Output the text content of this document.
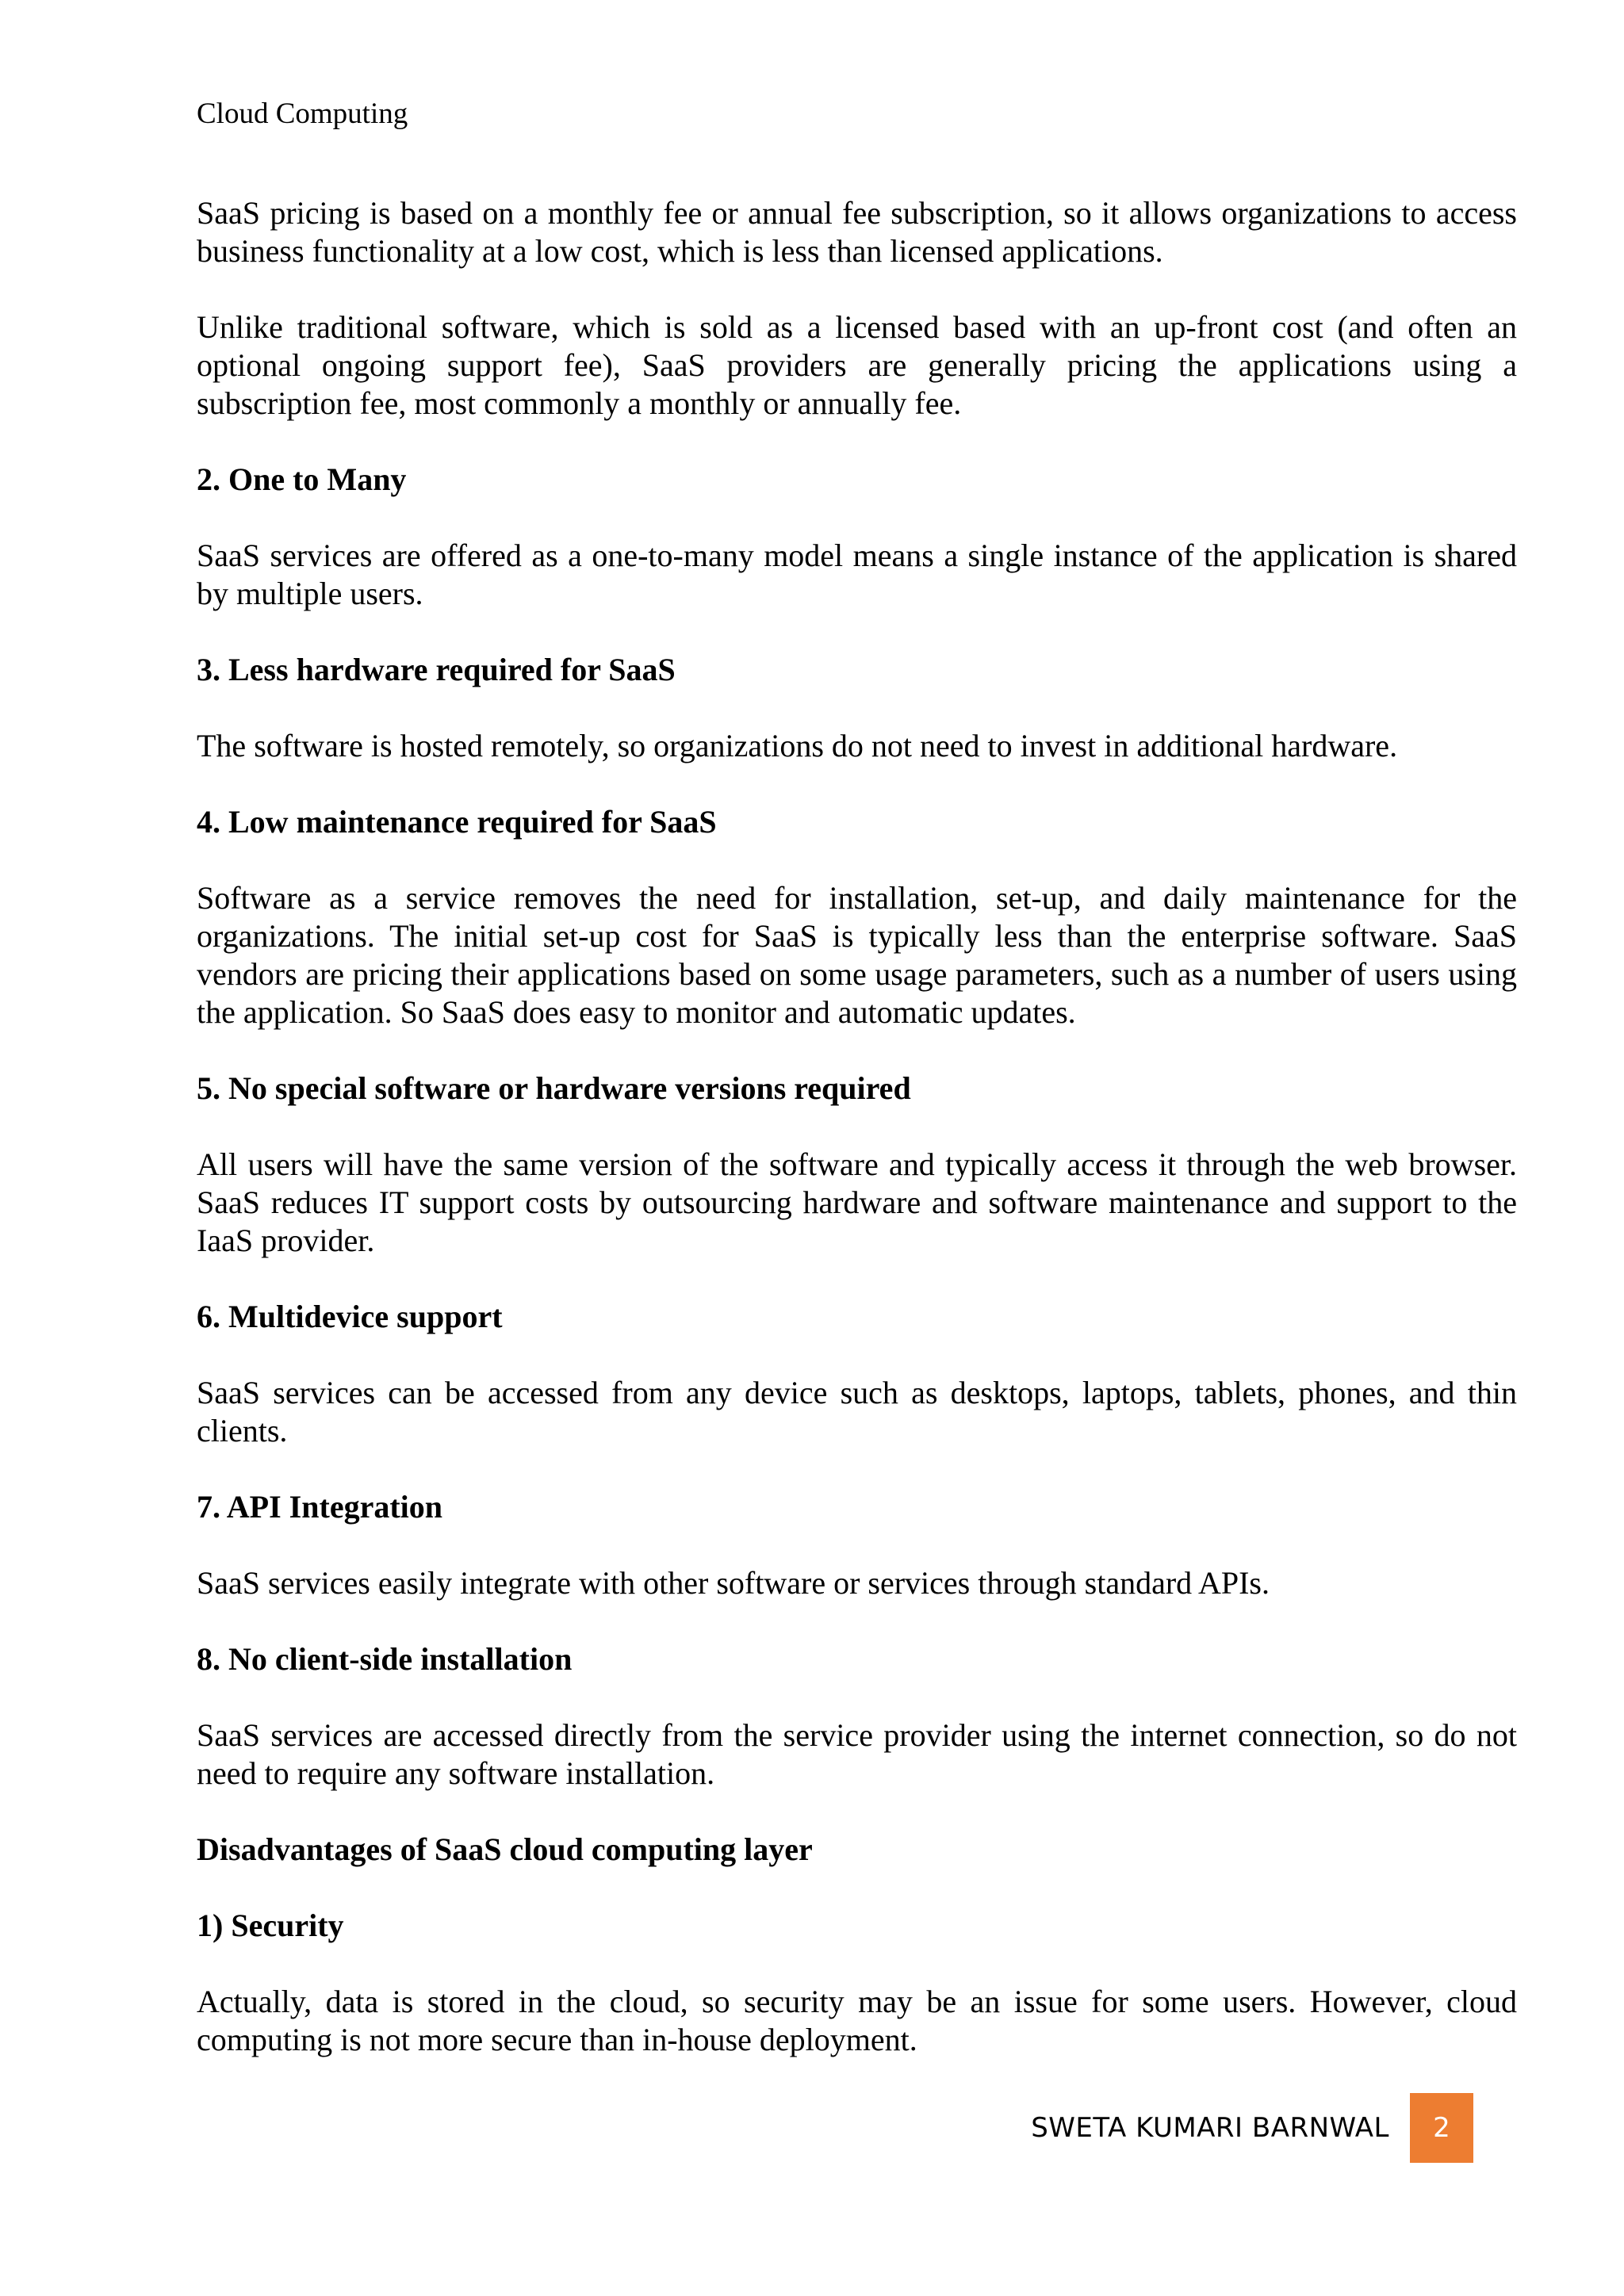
Cloud Computing

SaaS pricing is based on a monthly fee or annual fee subscription, so it allows organizations to access business functionality at a low cost, which is less than licensed applications.

Unlike traditional software, which is sold as a licensed based with an up-front cost (and often an optional ongoing support fee), SaaS providers are generally pricing the applications using a subscription fee, most commonly a monthly or annually fee.

2. One to Many

SaaS services are offered as a one-to-many model means a single instance of the application is shared by multiple users.

3. Less hardware required for SaaS

The software is hosted remotely, so organizations do not need to invest in additional hardware.

4. Low maintenance required for SaaS

Software as a service removes the need for installation, set-up, and daily maintenance for the organizations. The initial set-up cost for SaaS is typically less than the enterprise software. SaaS vendors are pricing their applications based on some usage parameters, such as a number of users using the application. So SaaS does easy to monitor and automatic updates.

5. No special software or hardware versions required

All users will have the same version of the software and typically access it through the web browser. SaaS reduces IT support costs by outsourcing hardware and software maintenance and support to the IaaS provider.

6. Multidevice support

SaaS services can be accessed from any device such as desktops, laptops, tablets, phones, and thin clients.

7. API Integration

SaaS services easily integrate with other software or services through standard APIs.

8. No client-side installation

SaaS services are accessed directly from the service provider using the internet connection, so do not need to require any software installation.

Disadvantages of SaaS cloud computing layer
1) Security

Actually, data is stored in the cloud, so security may be an issue for some users. However, cloud computing is not more secure than in-house deployment.

SWETA KUMARI BARNWAL	2
